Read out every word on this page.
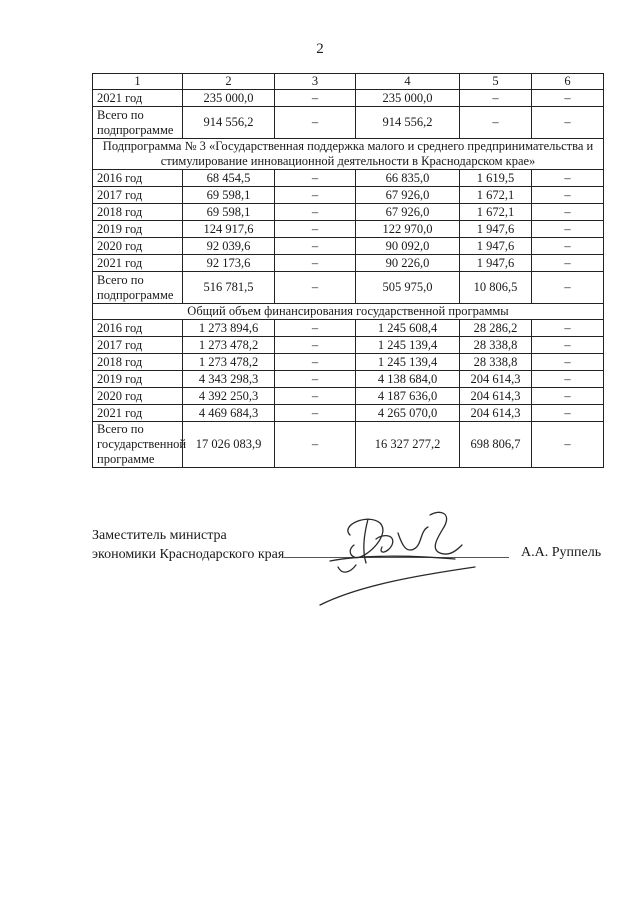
2
1	2	3	4	5	6
2021 год	235 000,0	–	235 000,0	–	–
Всего по подпрограмме	914 556,2	–	914 556,2	–	–
Подпрограмма № 3 «Государственная поддержка малого и среднего предпринимательства и стимулирование инновационной деятельности в Краснодарском крае»					
2016 год	68 454,5	–	66 835,0	1 619,5	–
2017 год	69 598,1	–	67 926,0	1 672,1	–
2018 год	69 598,1	–	67 926,0	1 672,1	–
2019 год	124 917,6	–	122 970,0	1 947,6	–
2020 год	92 039,6	–	90 092,0	1 947,6	–
2021 год	92 173,6	–	90 226,0	1 947,6	–
Всего по подпрограмме	516 781,5	–	505 975,0	10 806,5	–
Общий объем финансирования государственной программы					
2016 год	1 273 894,6	–	1 245 608,4	28 286,2	–
2017 год	1 273 478,2	–	1 245 139,4	28 338,8	–
2018 год	1 273 478,2	–	1 245 139,4	28 338,8	–
2019 год	4 343 298,3	–	4 138 684,0	204 614,3	–
2020 год	4 392 250,3	–	4 187 636,0	204 614,3	–
2021 год	4 469 684,3	–	4 265 070,0	204 614,3	–
Всего по государственной программе	17 026 083,9	–	16 327 277,2	698 806,7	–
Заместитель министра
экономики Краснодарского края	А.А. Руппель
